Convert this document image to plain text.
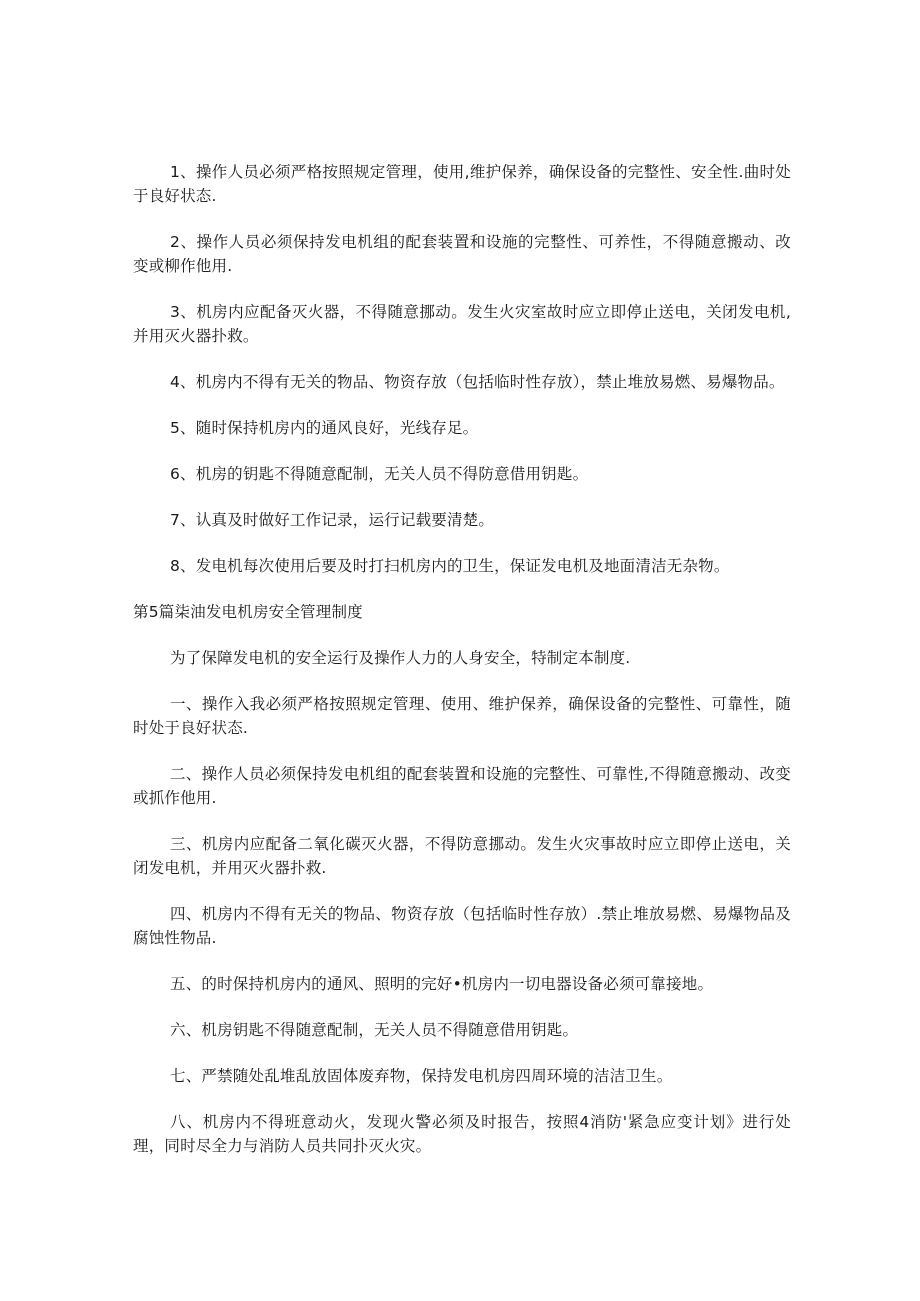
1、操作人员必须严格按照规定管理，使用,维护保养，确保设备的完整性、安全性.曲时处于良好状态.

2、操作人员必须保持发电机组的配套装置和设施的完整性、可养性，不得随意搬动、改变或柳作他用.

3、机房内应配备灭火器，不得随意挪动。发生火灾室故时应立即停止送电，关闭发电机,并用灭火器扑救。

4、机房内不得有无关的物品、物资存放（包括临时性存放），禁止堆放易燃、易爆物品。

5、随时保持机房内的通风良好，光线存足。

6、机房的钥匙不得随意配制，无关人员不得防意借用钥匙。

7、认真及时做好工作记录，运行记载要清楚。

8、发电机每次使用后要及时打扫机房内的卫生，保证发电机及地面清洁无杂物。

第5篇柒油发电机房安全管理制度

为了保障发电机的安全运行及操作人力的人身安全，特制定本制度.

一、操作入我必须严格按照规定管理、使用、维护保养，确保设备的完整性、可靠性，随时处于良好状态.

二、操作人员必须保持发电机组的配套装置和设施的完整性、可靠性,不得随意搬动、改变或抓作他用.

三、机房内应配备二氧化碳灭火器，不得防意挪动。发生火灾事故时应立即停止送电，关闭发电机，并用灭火器扑救.

四、机房内不得有无关的物品、物资存放（包括临时性存放）.禁止堆放易燃、易爆物品及腐蚀性物品.

五、的时保持机房内的通风、照明的完好•机房内一切电器设备必须可靠接地。

六、机房钥匙不得随意配制，无关人员不得随意借用钥匙。

七、严禁随处乱堆乱放固体废弃物，保持发电机房四周环境的洁洁卫生。

八、机房内不得班意动火，发现火警必须及时报告，按照4消防'紧急应变计划》进行处理，同时尽全力与消防人员共同扑灭火灾。
